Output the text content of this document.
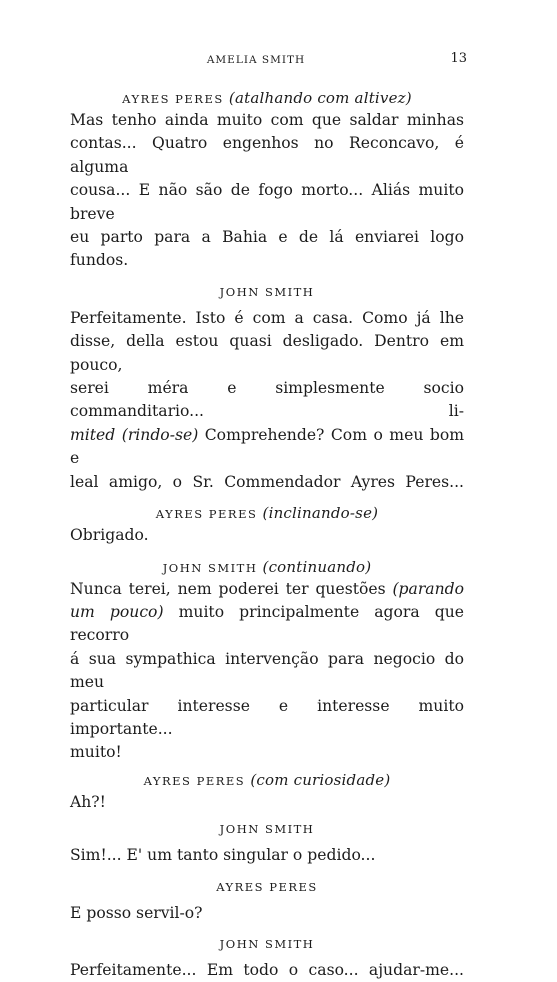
AMELIA SMITH	13

AYRES PERES (atalhando com altivez)

Mas tenho ainda muito com que saldar minhas

contas... Quatro engenhos no Reconcavo, é alguma

cousa... E não são de fogo morto... Aliás muito breve

eu parto para a Bahia e de lá enviarei logo fundos.

JOHN SMITH

Perfeitamente. Isto é com a casa. Como já lhe

disse, della estou quasi desligado. Dentro em pouco,

serei méra e simplesmente socio commanditario... li-

mited (rindo-se) Comprehende? Com o meu bom e

leal amigo, o Sr. Commendador Ayres Peres...

AYRES PERES (inclinando-se)

Obrigado.

JOHN SMITH (continuando)

Nunca terei, nem poderei ter questões (parando

um pouco) muito principalmente agora que recorro

á sua sympathica intervenção para negocio do meu

particular interesse e interesse muito importante...

muito!

AYRES PERES (com curiosidade)

Ah?!

JOHN SMITH

Sim!... E' um tanto singular o pedido...

AYRES PERES

E posso servil-o?

JOHN SMITH

Perfeitamente... Em todo o caso... ajudar-me...
